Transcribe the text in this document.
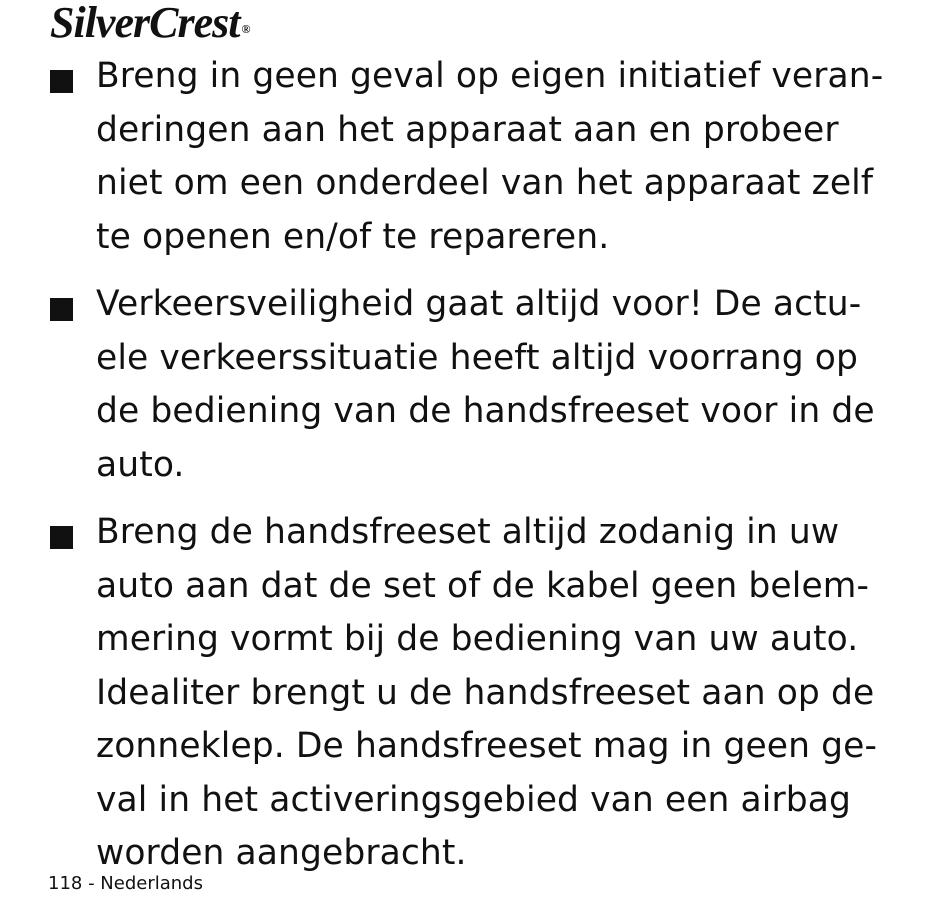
SilverCrest ®
Breng in geen geval op eigen initiatief veran-
deringen aan het apparaat aan en probeer
niet om een onderdeel van het apparaat zelf
te openen en/of te repareren.
Verkeersveiligheid gaat altijd voor! De actu-
ele verkeerssituatie heeft altijd voorrang op
de bediening van de handsfreeset voor in de
auto.
Breng de handsfreeset altijd zodanig in uw
auto aan dat de set of de kabel geen belem-
mering vormt bij de bediening van uw auto.
Idealiter brengt u de handsfreeset aan op de
zonneklep. De handsfreeset mag in geen ge-
val in het activeringsgebied van een airbag
worden aangebracht.
118 - Nederlands
